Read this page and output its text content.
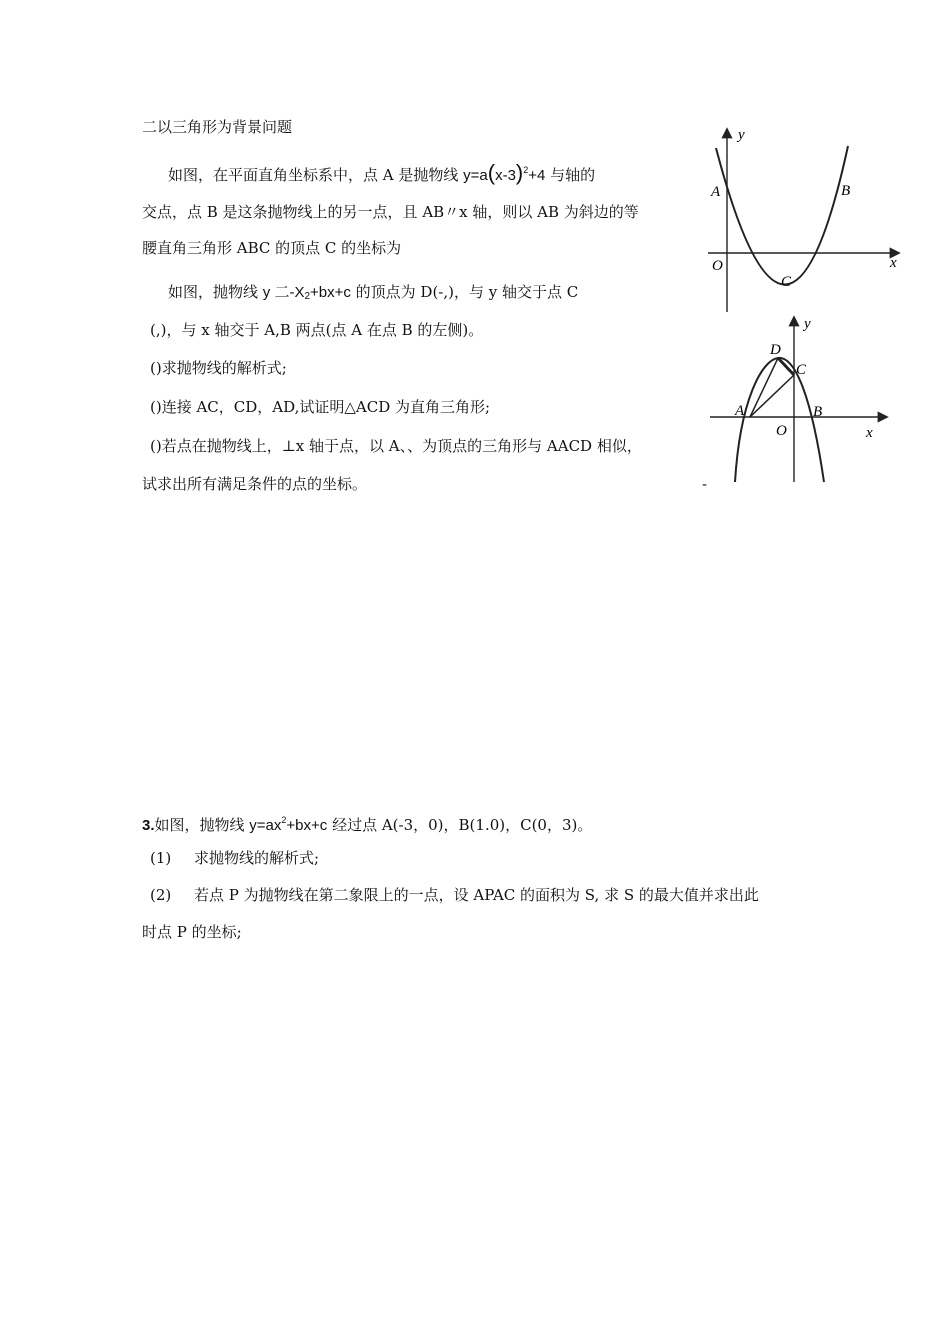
二以三角形为背景问题
如图，在平面直角坐标系中，点 A 是抛物线 $y=a(x-3)^2+4$ 与轴的
交点，点 B 是这条抛物线上的另一点，且 AB〃x 轴，则以 AB 为斜边的等
腰直角三角形 ABC 的顶点 C 的坐标为
如图，抛物线 y 二$-X_2+bx+c$ 的顶点为 D(-,)，与 y 轴交于点 C
(,)，与 x 轴交于 A,B 两点(点 A 在点 B 的左侧)。
()求抛物线的解析式;
()连接 AC，CD，AD,试证明△ACD 为直角三角形;
()若点在抛物线上，⊥x 轴于点，以 A、、为顶点的三角形与 AACD 相似，
试求出所有满足条件的点的坐标。	-
3.如图，抛物线 $y=ax^2+bx+c$ 经过点 A(-3，0)，B(1.0)，C(0，3)。
(1) 求抛物线的解析式;
(2) 若点 P 为抛物线在第二象限上的一点，设 APAC 的面积为 S, 求 S 的最大值并求出此
时点 P 的坐标;
y
x
O
A	B
C
y
x
O
A	B
C
D
